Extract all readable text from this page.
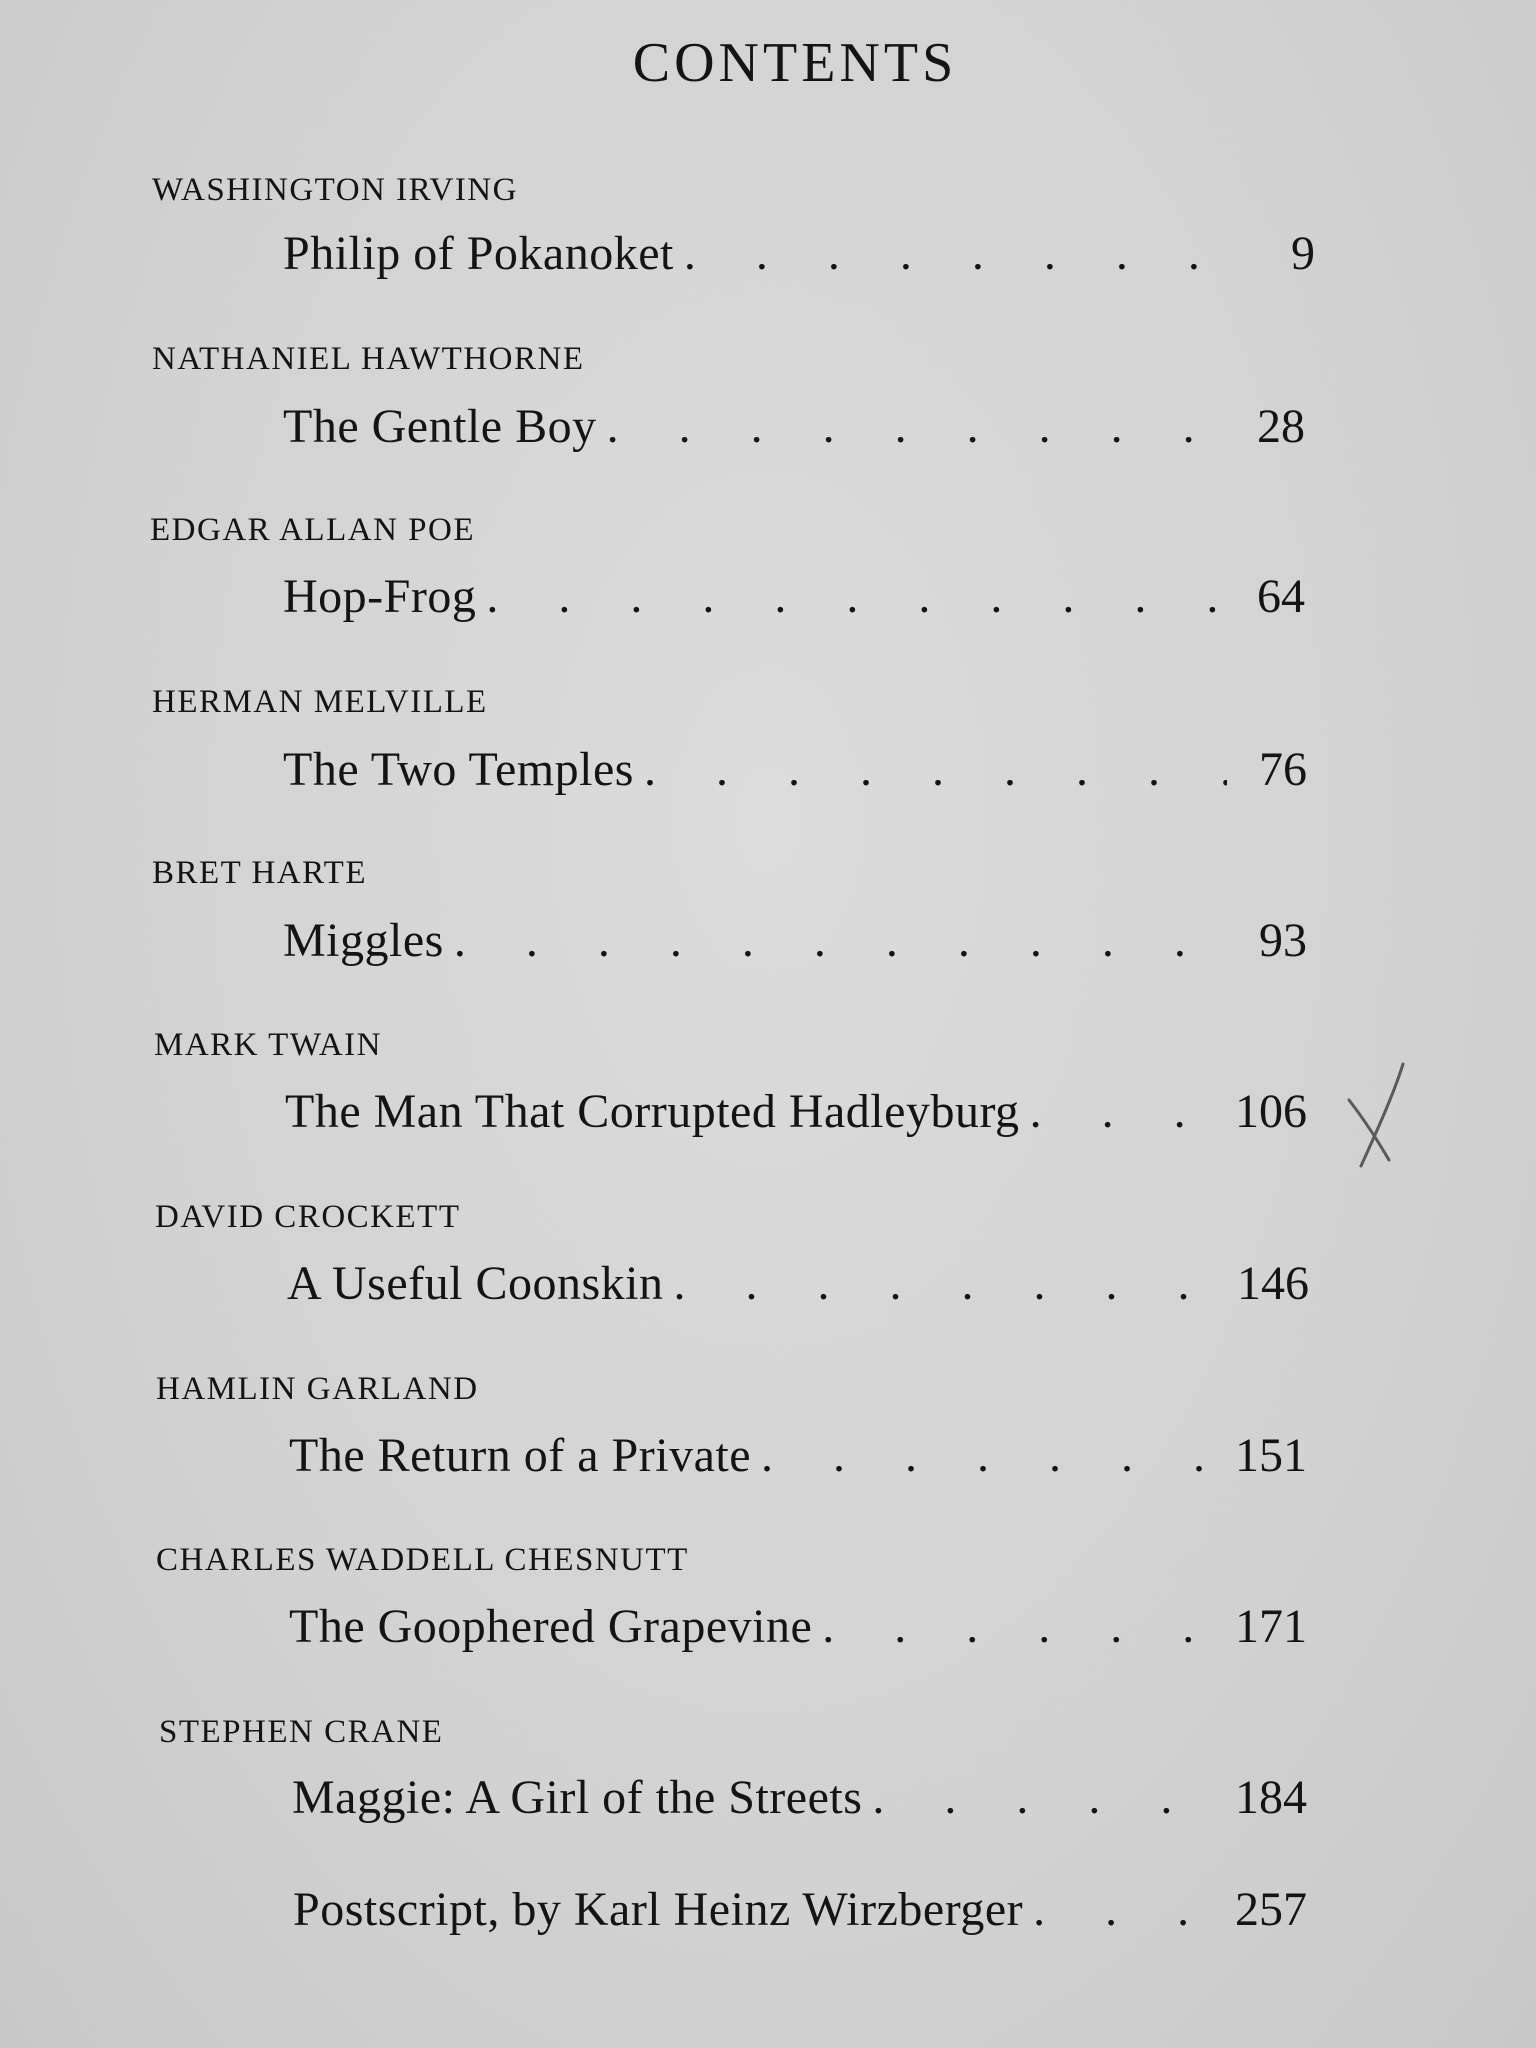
CONTENTS
WASHINGTON IRVING
Philip of Pokanoket .  . 	9
NATHANIEL HAWTHORNE
The Gentle Boy .  . 	28
EDGAR ALLAN POE
Hop-Frog .  . 	64
HERMAN MELVILLE
The Two Temples .  . 	76
BRET HARTE
Miggles .  . 	93
MARK TWAIN
The Man That Corrupted Hadleyburg .  . 	106
DAVID CROCKETT
A Useful Coonskin .  . 	146
HAMLIN GARLAND
The Return of a Private .  . 	151
CHARLES WADDELL CHESNUTT
The Goophered Grapevine .  . 	171
STEPHEN CRANE
Maggie: A Girl of the Streets .  . 	184
Postscript, by Karl Heinz Wirzberger .  . 	257
